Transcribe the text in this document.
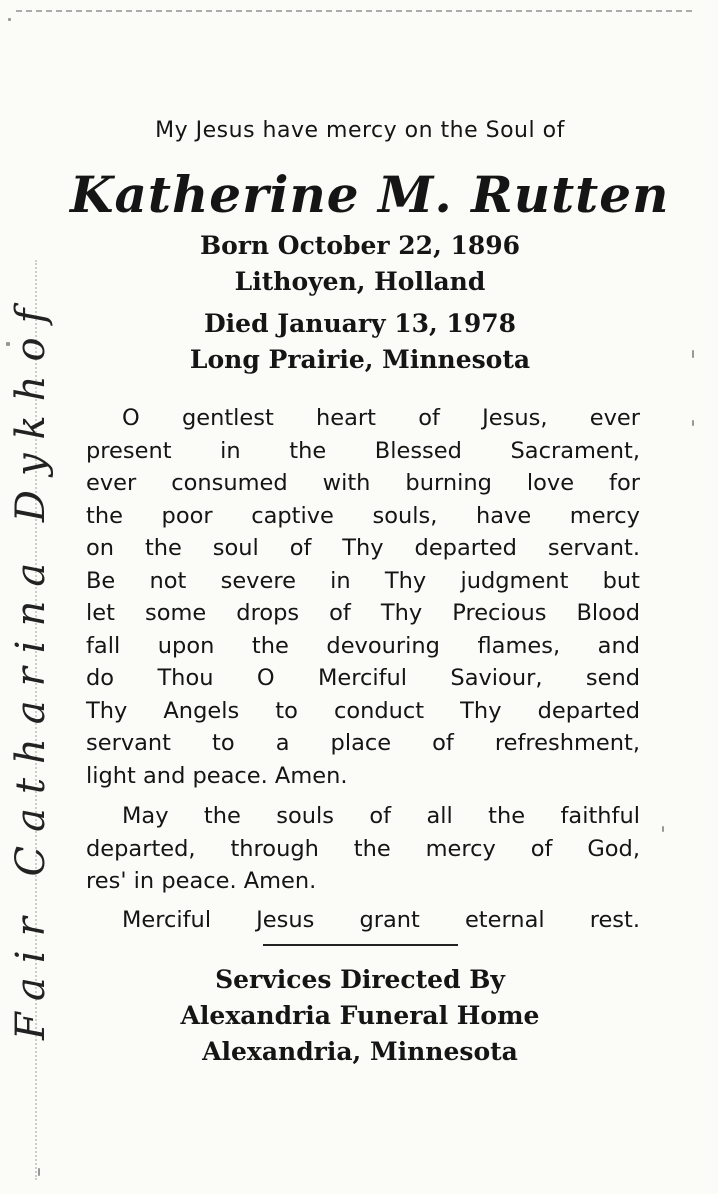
Fair Catharina Dykhof
My Jesus have mercy on the Soul of
Katherine M. Rutten
Born October 22, 1896
Lithoyen, Holland
Died January 13, 1978
Long Prairie, Minnesota
O gentlest heart of Jesus, ever
present in the Blessed Sacrament,
ever consumed with burning love for
the poor captive souls, have mercy
on the soul of Thy departed servant.
Be not severe in Thy judgment but
let some drops of Thy Precious Blood
fall upon the devouring flames, and
do Thou O Merciful Saviour, send
Thy Angels to conduct Thy departed
servant to a place of refreshment,
light and peace. Amen.
May the souls of all the faithful
departed, through the mercy of God,
res' in peace. Amen.
Merciful Jesus grant eternal rest.
Services Directed By
Alexandria Funeral Home
Alexandria, Minnesota
